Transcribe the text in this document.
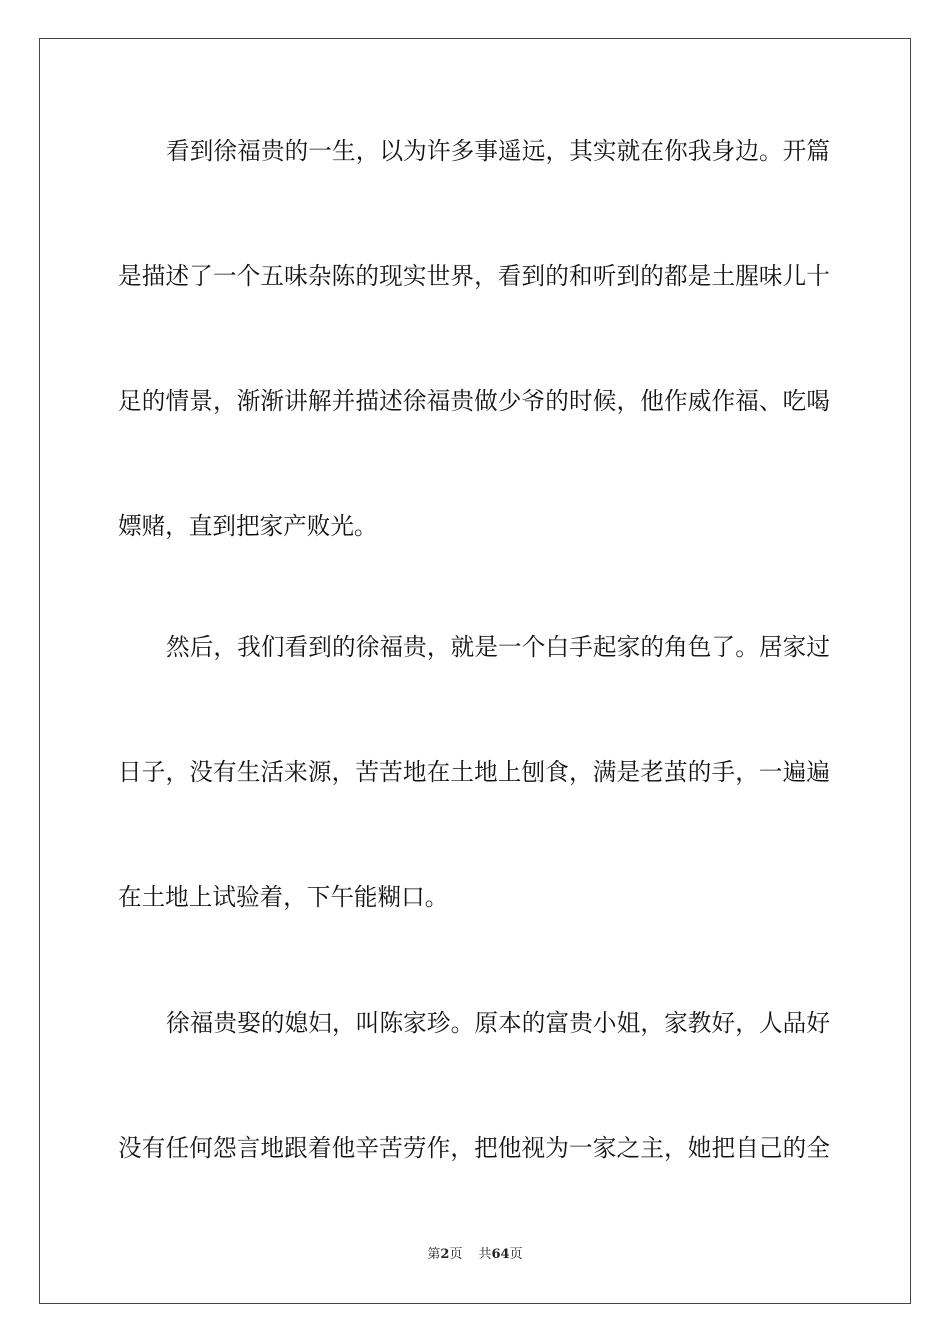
看到徐福贵的一生，以为许多事遥远，其实就在你我身边。开篇
是描述了一个五味杂陈的现实世界，看到的和听到的都是土腥味儿十
足的情景，渐渐讲解并描述徐福贵做少爷的时候，他作威作福、吃喝
嫖赌，直到把家产败光。
然后，我们看到的徐福贵，就是一个白手起家的角色了。居家过
日子，没有生活来源，苦苦地在土地上刨食，满是老茧的手，一遍遍
在土地上试验着，下午能糊口。
徐福贵娶的媳妇，叫陈家珍。原本的富贵小姐，家教好，人品好
没有任何怨言地跟着他辛苦劳作，把他视为一家之主，她把自己的全
第2页 共64页
